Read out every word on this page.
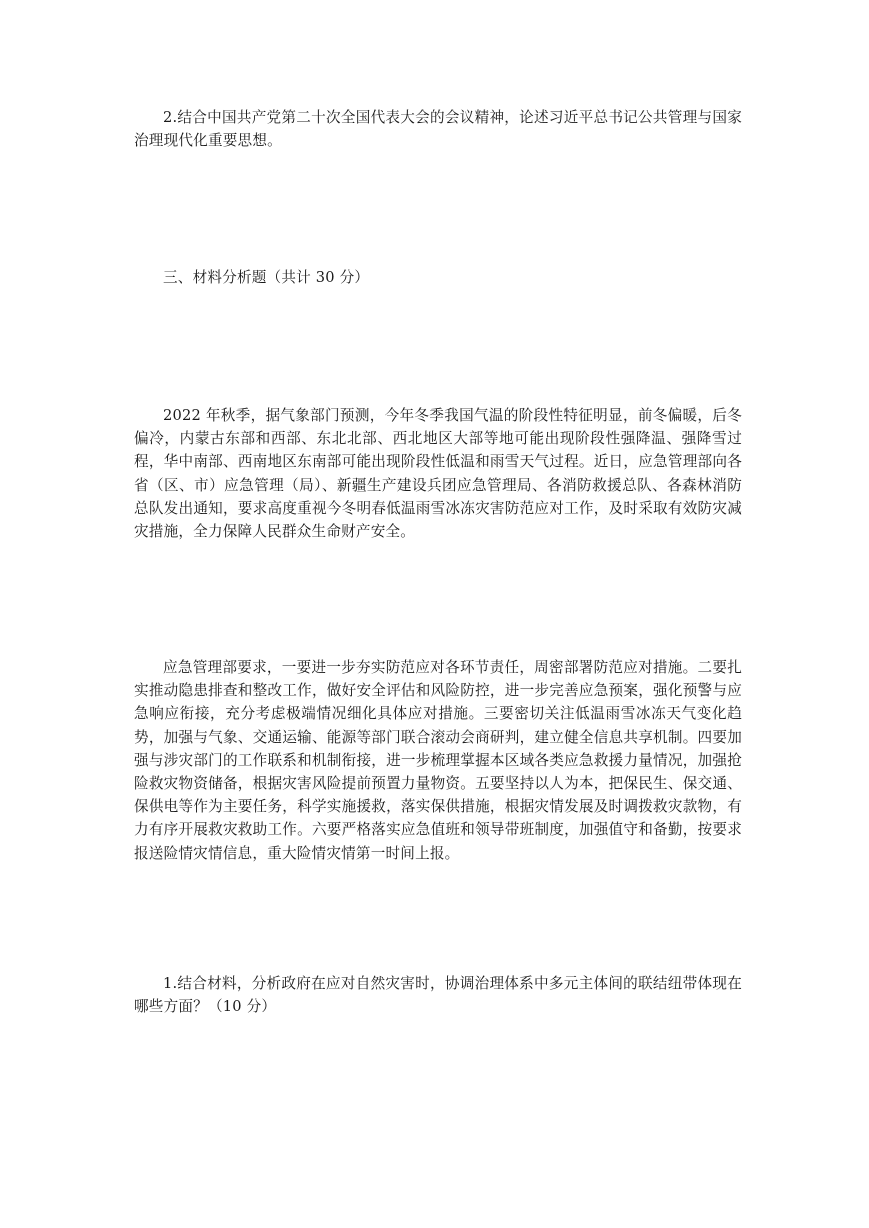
2.结合中国共产党第二十次全国代表大会的会议精神，论述习近平总书记公共管理与国家治理现代化重要思想。

三、材料分析题（共计 30 分）

2022 年秋季，据气象部门预测，今年冬季我国气温的阶段性特征明显，前冬偏暖，后冬偏冷，内蒙古东部和西部、东北北部、西北地区大部等地可能出现阶段性强降温、强降雪过程，华中南部、西南地区东南部可能出现阶段性低温和雨雪天气过程。近日，应急管理部向各省（区、市）应急管理（局）、新疆生产建设兵团应急管理局、各消防救援总队、各森林消防总队发出通知，要求高度重视今冬明春低温雨雪冰冻灾害防范应对工作，及时采取有效防灾减灾措施，全力保障人民群众生命财产安全。

应急管理部要求，一要进一步夯实防范应对各环节责任，周密部署防范应对措施。二要扎实推动隐患排查和整改工作，做好安全评估和风险防控，进一步完善应急预案，强化预警与应急响应衔接，充分考虑极端情况细化具体应对措施。三要密切关注低温雨雪冰冻天气变化趋势，加强与气象、交通运输、能源等部门联合滚动会商研判，建立健全信息共享机制。四要加强与涉灾部门的工作联系和机制衔接，进一步梳理掌握本区域各类应急救援力量情况，加强抢险救灾物资储备，根据灾害风险提前预置力量物资。五要坚持以人为本，把保民生、保交通、保供电等作为主要任务，科学实施援救，落实保供措施，根据灾情发展及时调拨救灾款物，有力有序开展救灾救助工作。六要严格落实应急值班和领导带班制度，加强值守和备勤，按要求报送险情灾情信息，重大险情灾情第一时间上报。

1.结合材料，分析政府在应对自然灾害时，协调治理体系中多元主体间的联结纽带体现在哪些方面？（10 分）
